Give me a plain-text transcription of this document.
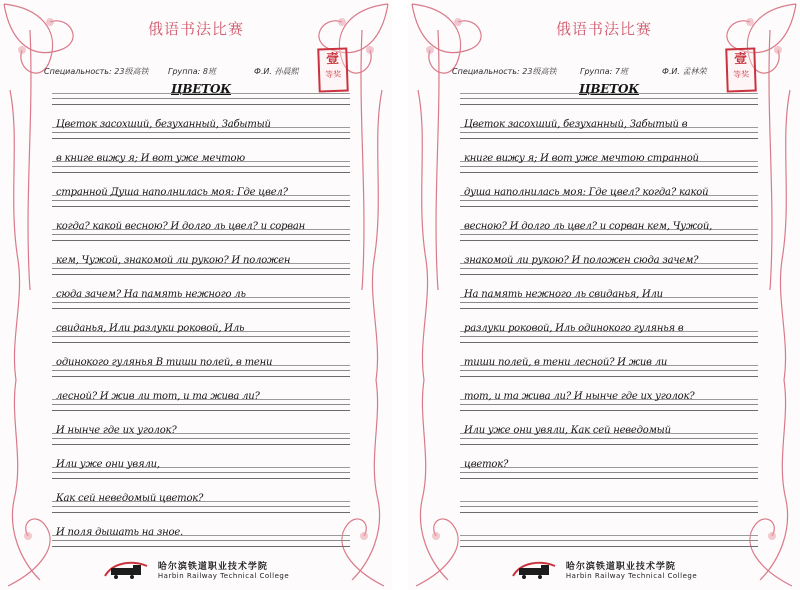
俄语书法比赛
Специальность: 23级高铁 Группа: 8班	Ф.И. 孙晨熙
壹
等奖
ЦВЕТОК
Цветок засохший, безуханный, Забытый
в книге вижу я; И вот уже мечтою
странной Душа наполнилась моя: Где цвел?
когда? какой весною? И долго ль цвел? и сорван
кем, Чужой, знакомой ли рукою? И положен
сюда зачем? На память нежного ль
свиданья, Или разлуки роковой, Иль
одинокого гулянья В тиши полей, в тени
лесной? И жив ли тот, и та жива ли?
И нынче где их уголок?
Или уже они увяли,
Как сей неведомый цветок?
И поля дышать на зное.

哈尔滨铁道职业技术学院
Harbin Railway Technical College
俄语书法比赛
Специальность: 23级高铁	Группа: 7班	Ф.И. 孟林荣
壹
等奖
ЦВЕТОК
Цветок засохший, безуханный, Забытый в
книге вижу я; И вот уже мечтою странной
душа наполнилась моя: Где цвел? когда? какой
весною? И долго ль цвел? и сорван кем, Чужой,
знакомой ли рукою? И положен сюда зачем?
На память нежного ль свиданья, Или
разлуки роковой, Иль одинокого гулянья в
тиши полей, в тени лесной? И жив ли
тот, и та жива ли? И нынче где их уголок?
Или уже они увяли, Как сей неведомый
цветок?

哈尔滨铁道职业技术学院
Harbin Railway Technical College
